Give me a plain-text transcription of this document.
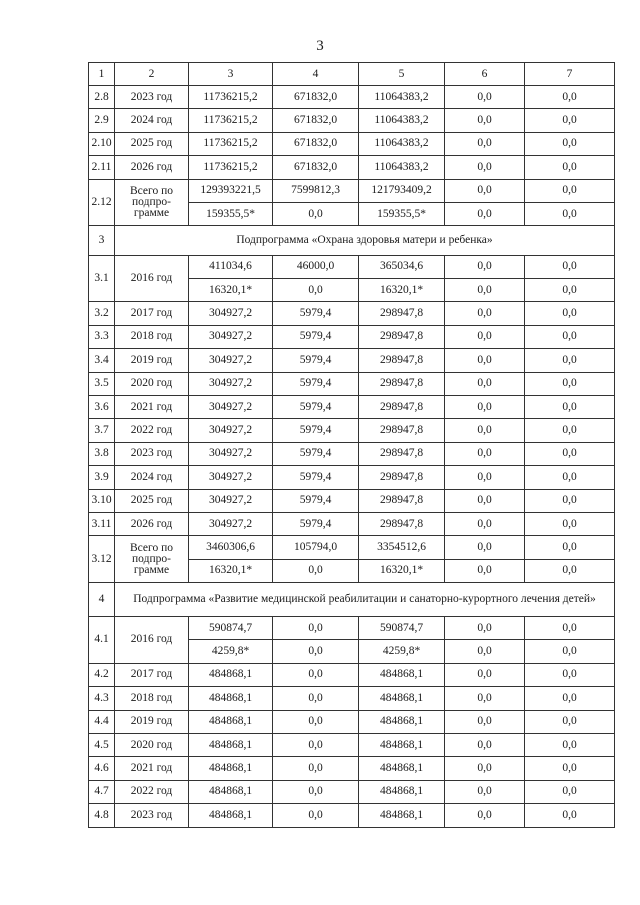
3
1	2	3	4	5	6	7
2.8	2023 год	11736215,2	671832,0	11064383,2	0,0	0,0
2.9	2024 год	11736215,2	671832,0	11064383,2	0,0	0,0
2.10	2025 год	11736215,2	671832,0	11064383,2	0,0	0,0
2.11	2026 год	11736215,2	671832,0	11064383,2	0,0	0,0
2.12	Всего по подпро-грамме	129393221,5	7599812,3	121793409,2	0,0	0,0
		159355,5*	0,0	159355,5*	0,0	0,0
3	Подпрограмма «Охрана здоровья матери и ребенка»					
3.1	2016 год	411034,6	46000,0	365034,6	0,0	0,0
		16320,1*	0,0	16320,1*	0,0	0,0
3.2	2017 год	304927,2	5979,4	298947,8	0,0	0,0
3.3	2018 год	304927,2	5979,4	298947,8	0,0	0,0
3.4	2019 год	304927,2	5979,4	298947,8	0,0	0,0
3.5	2020 год	304927,2	5979,4	298947,8	0,0	0,0
3.6	2021 год	304927,2	5979,4	298947,8	0,0	0,0
3.7	2022 год	304927,2	5979,4	298947,8	0,0	0,0
3.8	2023 год	304927,2	5979,4	298947,8	0,0	0,0
3.9	2024 год	304927,2	5979,4	298947,8	0,0	0,0
3.10	2025 год	304927,2	5979,4	298947,8	0,0	0,0
3.11	2026 год	304927,2	5979,4	298947,8	0,0	0,0
3.12	Всего по подпро-грамме	3460306,6	105794,0	3354512,6	0,0	0,0
		16320,1*	0,0	16320,1*	0,0	0,0
4	Подпрограмма «Развитие медицинской реабилитации и санаторно-курортного лечения детей»					
4.1	2016 год	590874,7	0,0	590874,7	0,0	0,0
		4259,8*	0,0	4259,8*	0,0	0,0
4.2	2017 год	484868,1	0,0	484868,1	0,0	0,0
4.3	2018 год	484868,1	0,0	484868,1	0,0	0,0
4.4	2019 год	484868,1	0,0	484868,1	0,0	0,0
4.5	2020 год	484868,1	0,0	484868,1	0,0	0,0
4.6	2021 год	484868,1	0,0	484868,1	0,0	0,0
4.7	2022 год	484868,1	0,0	484868,1	0,0	0,0
4.8	2023 год	484868,1	0,0	484868,1	0,0	0,0
